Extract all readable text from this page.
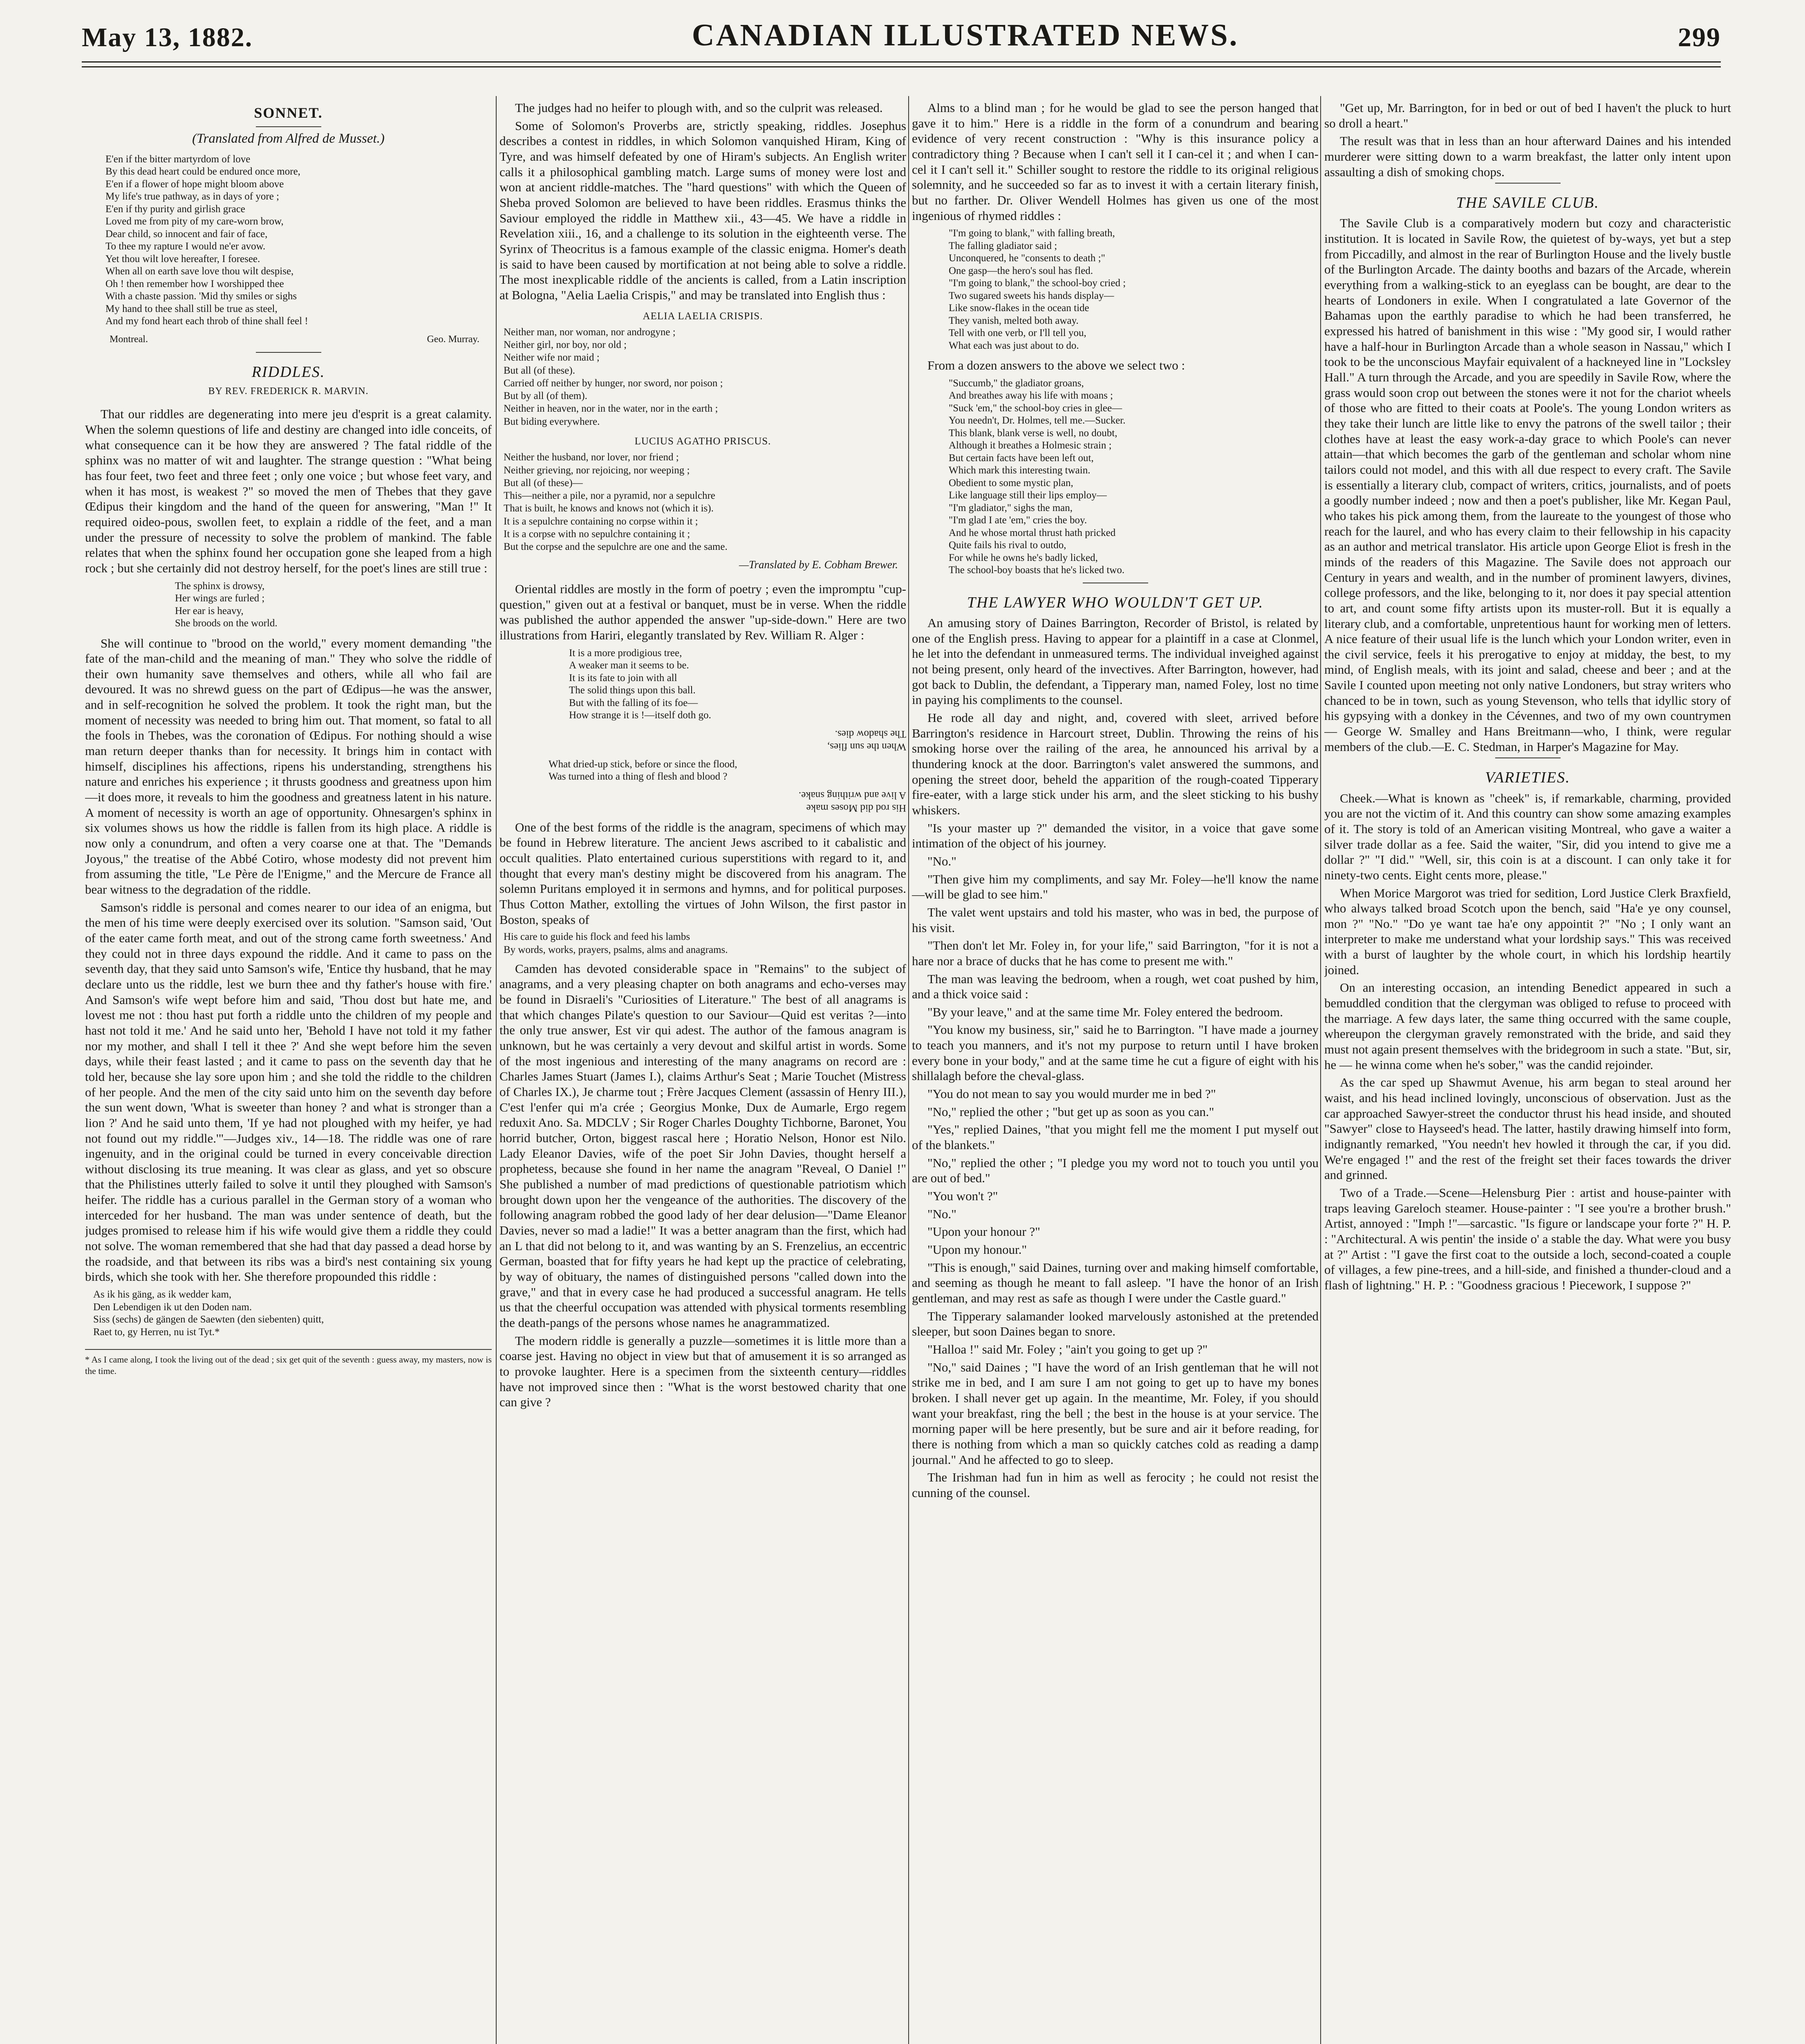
May 13, 1882.	CANADIAN ILLUSTRATED NEWS.	299
SONNET.
(Translated from Alfred de Musset.)
E'en if the bitter martyrdom of love
By this dead heart could be endured once more,
E'en if a flower of hope might bloom above
My life's true pathway, as in days of yore ;
E'en if thy purity and girlish grace
Loved me from pity of my care-worn brow,
Dear child, so innocent and fair of face,
To thee my rapture I would ne'er avow.
Yet thou wilt love hereafter, I foresee.
When all on earth save love thou wilt despise,
Oh ! then remember how I worshipped thee
With a chaste passion. 'Mid thy smiles or sighs
My hand to thee shall still be true as steel,
And my fond heart each throb of thine shall feel !
Montreal.	Geo. Murray.
RIDDLES.
BY REV. FREDERICK R. MARVIN.

That our riddles are degenerating into mere jeu d'esprit is a great calamity. When the solemn questions of life and destiny are changed into idle conceits, of what consequence can it be how they are answered ? The fatal riddle of the sphinx was no matter of wit and laughter. The strange question : "What being has four feet, two feet and three feet ; only one voice ; but whose feet vary, and when it has most, is weakest ?" so moved the men of Thebes that they gave Œdipus their kingdom and the hand of the queen for answering, "Man !" It required oideo-pous, swollen feet, to explain a riddle of the feet, and a man under the pressure of necessity to solve the problem of mankind. The fable relates that when the sphinx found her occupation gone she leaped from a high rock ; but she certainly did not destroy herself, for the poet's lines are still true :

The sphinx is drowsy,
Her wings are furled ;
Her ear is heavy,
She broods on the world.

She will continue to "brood on the world," every moment demanding "the fate of the man-child and the meaning of man." They who solve the riddle of their own humanity save themselves and others, while all who fail are devoured. It was no shrewd guess on the part of Œdipus—he was the answer, and in self-recognition he solved the problem. It took the right man, but the moment of necessity was needed to bring him out. That moment, so fatal to all the fools in Thebes, was the coronation of Œdipus. For nothing should a wise man return deeper thanks than for necessity. It brings him in contact with himself, disciplines his affections, ripens his understanding, strengthens his nature and enriches his experience ; it thrusts goodness and greatness upon him—it does more, it reveals to him the goodness and greatness latent in his nature. A moment of necessity is worth an age of opportunity. Ohnesargen's sphinx in six volumes shows us how the riddle is fallen from its high place. A riddle is now only a conundrum, and often a very coarse one at that. The "Demands Joyous," the treatise of the Abbé Cotiro, whose modesty did not prevent him from assuming the title, "Le Père de l'Enigme," and the Mercure de France all bear witness to the degradation of the riddle.

Samson's riddle is personal and comes nearer to our idea of an enigma, but the men of his time were deeply exercised over its solution. "Samson said, 'Out of the eater came forth meat, and out of the strong came forth sweetness.' And they could not in three days expound the riddle. And it came to pass on the seventh day, that they said unto Samson's wife, 'Entice thy husband, that he may declare unto us the riddle, lest we burn thee and thy father's house with fire.' And Samson's wife wept before him and said, 'Thou dost but hate me, and lovest me not : thou hast put forth a riddle unto the children of my people and hast not told it me.' And he said unto her, 'Behold I have not told it my father nor my mother, and shall I tell it thee ?' And she wept before him the seven days, while their feast lasted ; and it came to pass on the seventh day that he told her, because she lay sore upon him ; and she told the riddle to the children of her people. And the men of the city said unto him on the seventh day before the sun went down, 'What is sweeter than honey ? and what is stronger than a lion ?' And he said unto them, 'If ye had not ploughed with my heifer, ye had not found out my riddle.'"—Judges xiv., 14—18. The riddle was one of rare ingenuity, and in the original could be turned in every conceivable direction without disclosing its true meaning. It was clear as glass, and yet so obscure that the Philistines utterly failed to solve it until they ploughed with Samson's heifer. The riddle has a curious parallel in the German story of a woman who interceded for her husband. The man was under sentence of death, but the judges promised to release him if his wife would give them a riddle they could not solve. The woman remembered that she had that day passed a dead horse by the roadside, and that between its ribs was a bird's nest containing six young birds, which she took with her. She therefore propounded this riddle :

As ik his gäng, as ik wedder kam,
Den Lebendigen ik ut den Doden nam.
Siss (sechs) de gängen de Saewten (den siebenten) quitt,
Raet to, gy Herren, nu ist Tyt.*
* As I came along, I took the living out of the dead ; six get quit of the seventh : guess away, my masters, now is the time.

The judges had no heifer to plough with, and so the culprit was released.

Some of Solomon's Proverbs are, strictly speaking, riddles. Josephus describes a contest in riddles, in which Solomon vanquished Hiram, King of Tyre, and was himself defeated by one of Hiram's subjects. An English writer calls it a philosophical gambling match. Large sums of money were lost and won at ancient riddle-matches. The "hard questions" with which the Queen of Sheba proved Solomon are believed to have been riddles. Erasmus thinks the Saviour employed the riddle in Matthew xii., 43—45. We have a riddle in Revelation xiii., 16, and a challenge to its solution in the eighteenth verse. The Syrinx of Theocritus is a famous example of the classic enigma. Homer's death is said to have been caused by mortification at not being able to solve a riddle. The most inexplicable riddle of the ancients is called, from a Latin inscription at Bologna, "Aelia Laelia Crispis," and may be translated into English thus :

AELIA LAELIA CRISPIS.
Neither man, nor woman, nor androgyne ;
Neither girl, nor boy, nor old ;
Neither wife nor maid ;
But all (of these).
Carried off neither by hunger, nor sword, nor poison ;
But by all (of them).
Neither in heaven, nor in the water, nor in the earth ;
But biding everywhere.
LUCIUS AGATHO PRISCUS.
Neither the husband, nor lover, nor friend ;
Neither grieving, nor rejoicing, nor weeping ;
But all (of these)—
This—neither a pile, nor a pyramid, nor a sepulchre
That is built, he knows and knows not (which it is).
It is a sepulchre containing no corpse within it ;
It is a corpse with no sepulchre containing it ;
But the corpse and the sepulchre are one and the same.
—Translated by E. Cobham Brewer.

Oriental riddles are mostly in the form of poetry ; even the impromptu "cup-question," given out at a festival or banquet, must be in verse. When the riddle was published the author appended the answer "up-side-down." Here are two illustrations from Hariri, elegantly translated by Rev. William R. Alger :

It is a more prodigious tree,
A weaker man it seems to be.
It is its fate to join with all
The solid things upon this ball.
But with the falling of its foe—
How strange it is !—itself doth go.
When the sun flies,
The shadow dies.
What dried-up stick, before or since the flood,
Was turned into a thing of flesh and blood ?
His rod did Moses make
A live and writhing snake.

One of the best forms of the riddle is the anagram, specimens of which may be found in Hebrew literature. The ancient Jews ascribed to it cabalistic and occult qualities. Plato entertained curious superstitions with regard to it, and thought that every man's destiny might be discovered from his anagram. The solemn Puritans employed it in sermons and hymns, and for political purposes. Thus Cotton Mather, extolling the virtues of John Wilson, the first pastor in Boston, speaks of

His care to guide his flock and feed his lambs
By words, works, prayers, psalms, alms and anagrams.

Camden has devoted considerable space in "Remains" to the subject of anagrams, and a very pleasing chapter on both anagrams and echo-verses may be found in Disraeli's "Curiosities of Literature." The best of all anagrams is that which changes Pilate's question to our Saviour—Quid est veritas ?—into the only true answer, Est vir qui adest. The author of the famous anagram is unknown, but he was certainly a very devout and skilful artist in words. Some of the most ingenious and interesting of the many anagrams on record are : Charles James Stuart (James I.), claims Arthur's Seat ; Marie Touchet (Mistress of Charles IX.), Je charme tout ; Frère Jacques Clement (assassin of Henry III.), C'est l'enfer qui m'a crée ; Georgius Monke, Dux de Aumarle, Ergo regem reduxit Ano. Sa. MDCLV ; Sir Roger Charles Doughty Tichborne, Baronet, You horrid butcher, Orton, biggest rascal here ; Horatio Nelson, Honor est Nilo. Lady Eleanor Davies, wife of the poet Sir John Davies, thought herself a prophetess, because she found in her name the anagram "Reveal, O Daniel !" She published a number of mad predictions of questionable patriotism which brought down upon her the vengeance of the authorities. The discovery of the following anagram robbed the good lady of her dear delusion—"Dame Eleanor Davies, never so mad a ladie!" It was a better anagram than the first, which had an L that did not belong to it, and was wanting by an S. Frenzelius, an eccentric German, boasted that for fifty years he had kept up the practice of celebrating, by way of obituary, the names of distinguished persons "called down into the grave," and that in every case he had produced a successful anagram. He tells us that the cheerful occupation was attended with physical torments resembling the death-pangs of the persons whose names he anagrammatized.

The modern riddle is generally a puzzle—sometimes it is little more than a coarse jest. Having no object in view but that of amusement it is so arranged as to provoke laughter. Here is a specimen from the sixteenth century—riddles have not improved since then : "What is the worst bestowed charity that one can give ?

Alms to a blind man ; for he would be glad to see the person hanged that gave it to him." Here is a riddle in the form of a conundrum and bearing evidence of very recent construction : "Why is this insurance policy a contradictory thing ? Because when I can't sell it I can-cel it ; and when I can-cel it I can't sell it." Schiller sought to restore the riddle to its original religious solemnity, and he succeeded so far as to invest it with a certain literary finish, but no farther. Dr. Oliver Wendell Holmes has given us one of the most ingenious of rhymed riddles :

"I'm going to blank," with falling breath,
The falling gladiator said ;
Unconquered, he "consents to death ;"
One gasp—the hero's soul has fled.
"I'm going to blank," the school-boy cried ;
Two sugared sweets his hands display—
Like snow-flakes in the ocean tide
They vanish, melted both away.
Tell with one verb, or I'll tell you,
What each was just about to do.

From a dozen answers to the above we select two :

"Succumb," the gladiator groans,
And breathes away his life with moans ;
"Suck 'em," the school-boy cries in glee—
You needn't, Dr. Holmes, tell me.—Sucker.
This blank, blank verse is well, no doubt,
Although it breathes a Holmesic strain ;
But certain facts have been left out,
Which mark this interesting twain.
Obedient to some mystic plan,
Like language still their lips employ—
"I'm gladiator," sighs the man,
"I'm glad I ate 'em," cries the boy.
And he whose mortal thrust hath pricked
Quite fails his rival to outdo,
For while he owns he's badly licked,
The school-boy boasts that he's licked two.
THE LAWYER WHO WOULDN'T GET UP.

An amusing story of Daines Barrington, Recorder of Bristol, is related by one of the English press. Having to appear for a plaintiff in a case at Clonmel, he let into the defendant in unmeasured terms. The individual inveighed against not being present, only heard of the invectives. After Barrington, however, had got back to Dublin, the defendant, a Tipperary man, named Foley, lost no time in paying his compliments to the counsel.

He rode all day and night, and, covered with sleet, arrived before Barrington's residence in Harcourt street, Dublin. Throwing the reins of his smoking horse over the railing of the area, he announced his arrival by a thundering knock at the door. Barrington's valet answered the summons, and opening the street door, beheld the apparition of the rough-coated Tipperary fire-eater, with a large stick under his arm, and the sleet sticking to his bushy whiskers.

"Is your master up ?" demanded the visitor, in a voice that gave some intimation of the object of his journey.

"No."

"Then give him my compliments, and say Mr. Foley—he'll know the name—will be glad to see him."

The valet went upstairs and told his master, who was in bed, the purpose of his visit.

"Then don't let Mr. Foley in, for your life," said Barrington, "for it is not a hare nor a brace of ducks that he has come to present me with."

The man was leaving the bedroom, when a rough, wet coat pushed by him, and a thick voice said :

"By your leave," and at the same time Mr. Foley entered the bedroom.

"You know my business, sir," said he to Barrington. "I have made a journey to teach you manners, and it's not my purpose to return until I have broken every bone in your body," and at the same time he cut a figure of eight with his shillalagh before the cheval-glass.

"You do not mean to say you would murder me in bed ?"

"No," replied the other ; "but get up as soon as you can."

"Yes," replied Daines, "that you might fell me the moment I put myself out of the blankets."

"No," replied the other ; "I pledge you my word not to touch you until you are out of bed."

"You won't ?"

"No."

"Upon your honour ?"

"Upon my honour."

"This is enough," said Daines, turning over and making himself comfortable, and seeming as though he meant to fall asleep. "I have the honor of an Irish gentleman, and may rest as safe as though I were under the Castle guard."

The Tipperary salamander looked marvelously astonished at the pretended sleeper, but soon Daines began to snore.

"Halloa !" said Mr. Foley ; "ain't you going to get up ?"

"No," said Daines ; "I have the word of an Irish gentleman that he will not strike me in bed, and I am sure I am not going to get up to have my bones broken. I shall never get up again. In the meantime, Mr. Foley, if you should want your breakfast, ring the bell ; the best in the house is at your service. The morning paper will be here presently, but be sure and air it before reading, for there is nothing from which a man so quickly catches cold as reading a damp journal." And he affected to go to sleep.

The Irishman had fun in him as well as ferocity ; he could not resist the cunning of the counsel.

"Get up, Mr. Barrington, for in bed or out of bed I haven't the pluck to hurt so droll a heart."

The result was that in less than an hour afterward Daines and his intended murderer were sitting down to a warm breakfast, the latter only intent upon assaulting a dish of smoking chops.

THE SAVILE CLUB.

The Savile Club is a comparatively modern but cozy and characteristic institution. It is located in Savile Row, the quietest of by-ways, yet but a step from Piccadilly, and almost in the rear of Burlington House and the lively bustle of the Burlington Arcade. The dainty booths and bazars of the Arcade, wherein everything from a walking-stick to an eyeglass can be bought, are dear to the hearts of Londoners in exile. When I congratulated a late Governor of the Bahamas upon the earthly paradise to which he had been transferred, he expressed his hatred of banishment in this wise : "My good sir, I would rather have a half-hour in Burlington Arcade than a whole season in Nassau," which I took to be the unconscious Mayfair equivalent of a hackneyed line in "Locksley Hall." A turn through the Arcade, and you are speedily in Savile Row, where the grass would soon crop out between the stones were it not for the chariot wheels of those who are fitted to their coats at Poole's. The young London writers as they take their lunch are little like to envy the patrons of the swell tailor ; their clothes have at least the easy work-a-day grace to which Poole's can never attain—that which becomes the garb of the gentleman and scholar whom nine tailors could not model, and this with all due respect to every craft. The Savile is essentially a literary club, compact of writers, critics, journalists, and of poets a goodly number indeed ; now and then a poet's publisher, like Mr. Kegan Paul, who takes his pick among them, from the laureate to the youngest of those who reach for the laurel, and who has every claim to their fellowship in his capacity as an author and metrical translator. His article upon George Eliot is fresh in the minds of the readers of this Magazine. The Savile does not approach our Century in years and wealth, and in the number of prominent lawyers, divines, college professors, and the like, belonging to it, nor does it pay special attention to art, and count some fifty artists upon its muster-roll. But it is equally a literary club, and a comfortable, unpretentious haunt for working men of letters. A nice feature of their usual life is the lunch which your London writer, even in the civil service, feels it his prerogative to enjoy at midday, the best, to my mind, of English meals, with its joint and salad, cheese and beer ; and at the Savile I counted upon meeting not only native Londoners, but stray writers who chanced to be in town, such as young Stevenson, who tells that idyllic story of his gypsying with a donkey in the Cévennes, and two of my own countrymen — George W. Smalley and Hans Breitmann—who, I think, were regular members of the club.—E. C. Stedman, in Harper's Magazine for May.

VARIETIES.

Cheek.—What is known as "cheek" is, if remarkable, charming, provided you are not the victim of it. And this country can show some amazing examples of it. The story is told of an American visiting Montreal, who gave a waiter a silver trade dollar as a fee. Said the waiter, "Sir, did you intend to give me a dollar ?" "I did." "Well, sir, this coin is at a discount. I can only take it for ninety-two cents. Eight cents more, please."

When Morice Margorot was tried for sedition, Lord Justice Clerk Braxfield, who always talked broad Scotch upon the bench, said "Ha'e ye ony counsel, mon ?" "No." "Do ye want tae ha'e ony appointit ?" "No ; I only want an interpreter to make me understand what your lordship says." This was received with a burst of laughter by the whole court, in which his lordship heartily joined.

On an interesting occasion, an intending Benedict appeared in such a bemuddled condition that the clergyman was obliged to refuse to proceed with the marriage. A few days later, the same thing occurred with the same couple, whereupon the clergyman gravely remonstrated with the bride, and said they must not again present themselves with the bridegroom in such a state. "But, sir, he — he winna come when he's sober," was the candid rejoinder.

As the car sped up Shawmut Avenue, his arm began to steal around her waist, and his head inclined lovingly, unconscious of observation. Just as the car approached Sawyer-street the conductor thrust his head inside, and shouted "Sawyer" close to Hayseed's head. The latter, hastily drawing himself into form, indignantly remarked, "You needn't hev howled it through the car, if you did. We're engaged !" and the rest of the freight set their faces towards the driver and grinned.

Two of a Trade.—Scene—Helensburg Pier : artist and house-painter with traps leaving Gareloch steamer. House-painter : "I see you're a brother brush." Artist, annoyed : "Imph !"—sarcastic. "Is figure or landscape your forte ?" H. P. : "Architectural. A wis pentin' the inside o' a stable the day. What were you busy at ?" Artist : "I gave the first coat to the outside a loch, second-coated a couple of villages, a few pine-trees, and a hill-side, and finished a thunder-cloud and a flash of lightning." H. P. : "Goodness gracious ! Piecework, I suppose ?"
